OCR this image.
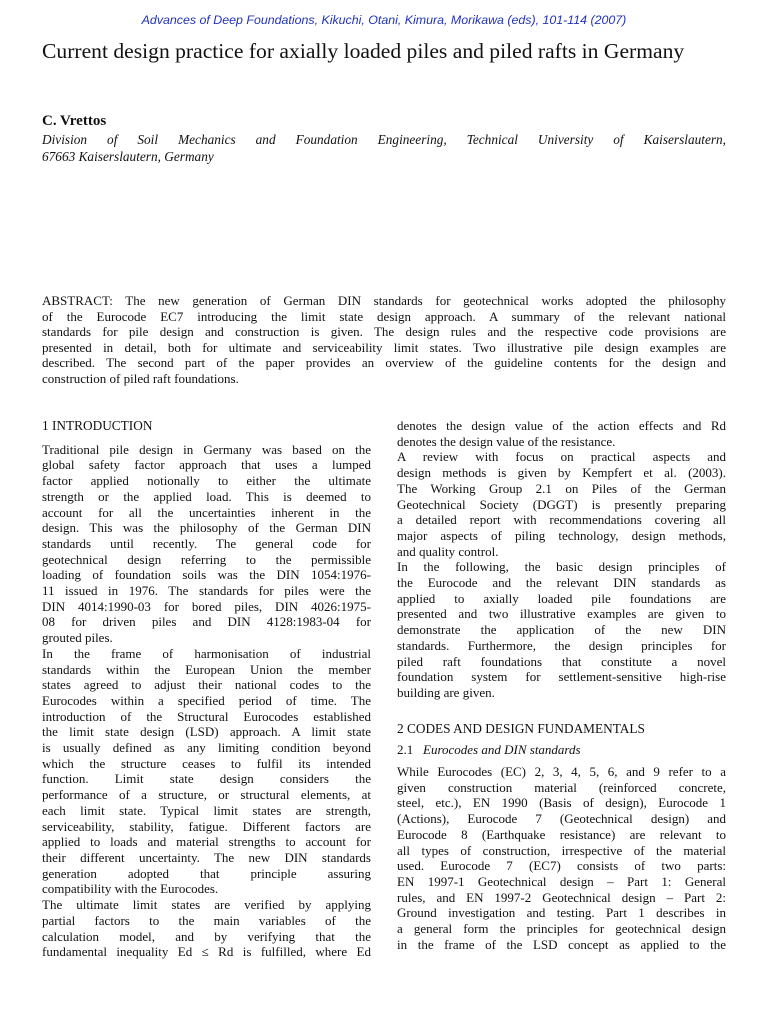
Advances of Deep Foundations, Kikuchi, Otani, Kimura, Morikawa (eds), 101-114 (2007)
Current design practice for axially loaded piles and piled rafts in Germany
C. Vrettos
Division of Soil Mechanics and Foundation Engineering, Technical University of Kaiserslautern,
67663 Kaiserslautern, Germany
ABSTRACT: The new generation of German DIN standards for geotechnical works adopted the philosophy
of the Eurocode EC7 introducing the limit state design approach. A summary of the relevant national
standards for pile design and construction is given. The design rules and the respective code provisions are
presented in detail, both for ultimate and serviceability limit states. Two illustrative pile design examples are
described. The second part of the paper provides an overview of the guideline contents for the design and
construction of piled raft foundations.
1 INTRODUCTION
Traditional pile design in Germany was based on the
global safety factor approach that uses a lumped
factor applied notionally to either the ultimate
strength or the applied load. This is deemed to
account for all the uncertainties inherent in the
design. This was the philosophy of the German DIN
standards until recently. The general code for
geotechnical design referring to the permissible
loading of foundation soils was the DIN 1054:1976-
11 issued in 1976. The standards for piles were the
DIN 4014:1990-03 for bored piles, DIN 4026:1975-
08 for driven piles and DIN 4128:1983-04 for
grouted piles.
In the frame of harmonisation of industrial
standards within the European Union the member
states agreed to adjust their national codes to the
Eurocodes within a specified period of time. The
introduction of the Structural Eurocodes established
the limit state design (LSD) approach. A limit state
is usually defined as any limiting condition beyond
which the structure ceases to fulfil its intended
function. Limit state design considers the
performance of a structure, or structural elements, at
each limit state. Typical limit states are strength,
serviceability, stability, fatigue. Different factors are
applied to loads and material strengths to account for
their different uncertainty. The new DIN standards
generation adopted that principle assuring
compatibility with the Eurocodes.
The ultimate limit states are verified by applying
partial factors to the main variables of the
calculation model, and by verifying that the
fundamental inequality Ed ≤ Rd is fulfilled, where Ed
denotes the design value of the action effects and Rd
denotes the design value of the resistance.
A review with focus on practical aspects and
design methods is given by Kempfert et al. (2003).
The Working Group 2.1 on Piles of the German
Geotechnical Society (DGGT) is presently preparing
a detailed report with recommendations covering all
major aspects of piling technology, design methods,
and quality control.
In the following, the basic design principles of
the Eurocode and the relevant DIN standards as
applied to axially loaded pile foundations are
presented and two illustrative examples are given to
demonstrate the application of the new DIN
standards. Furthermore, the design principles for
piled raft foundations that constitute a novel
foundation system for settlement-sensitive high-rise
building are given.
2 CODES AND DESIGN FUNDAMENTALS
2.1 Eurocodes and DIN standards
While Eurocodes (EC) 2, 3, 4, 5, 6, and 9 refer to a
given construction material (reinforced concrete,
steel, etc.), EN 1990 (Basis of design), Eurocode 1
(Actions), Eurocode 7 (Geotechnical design) and
Eurocode 8 (Earthquake resistance) are relevant to
all types of construction, irrespective of the material
used. Eurocode 7 (EC7) consists of two parts:
EN 1997-1 Geotechnical design – Part 1: General
rules, and EN 1997-2 Geotechnical design – Part 2:
Ground investigation and testing. Part 1 describes in
a general form the principles for geotechnical design
in the frame of the LSD concept as applied to the
